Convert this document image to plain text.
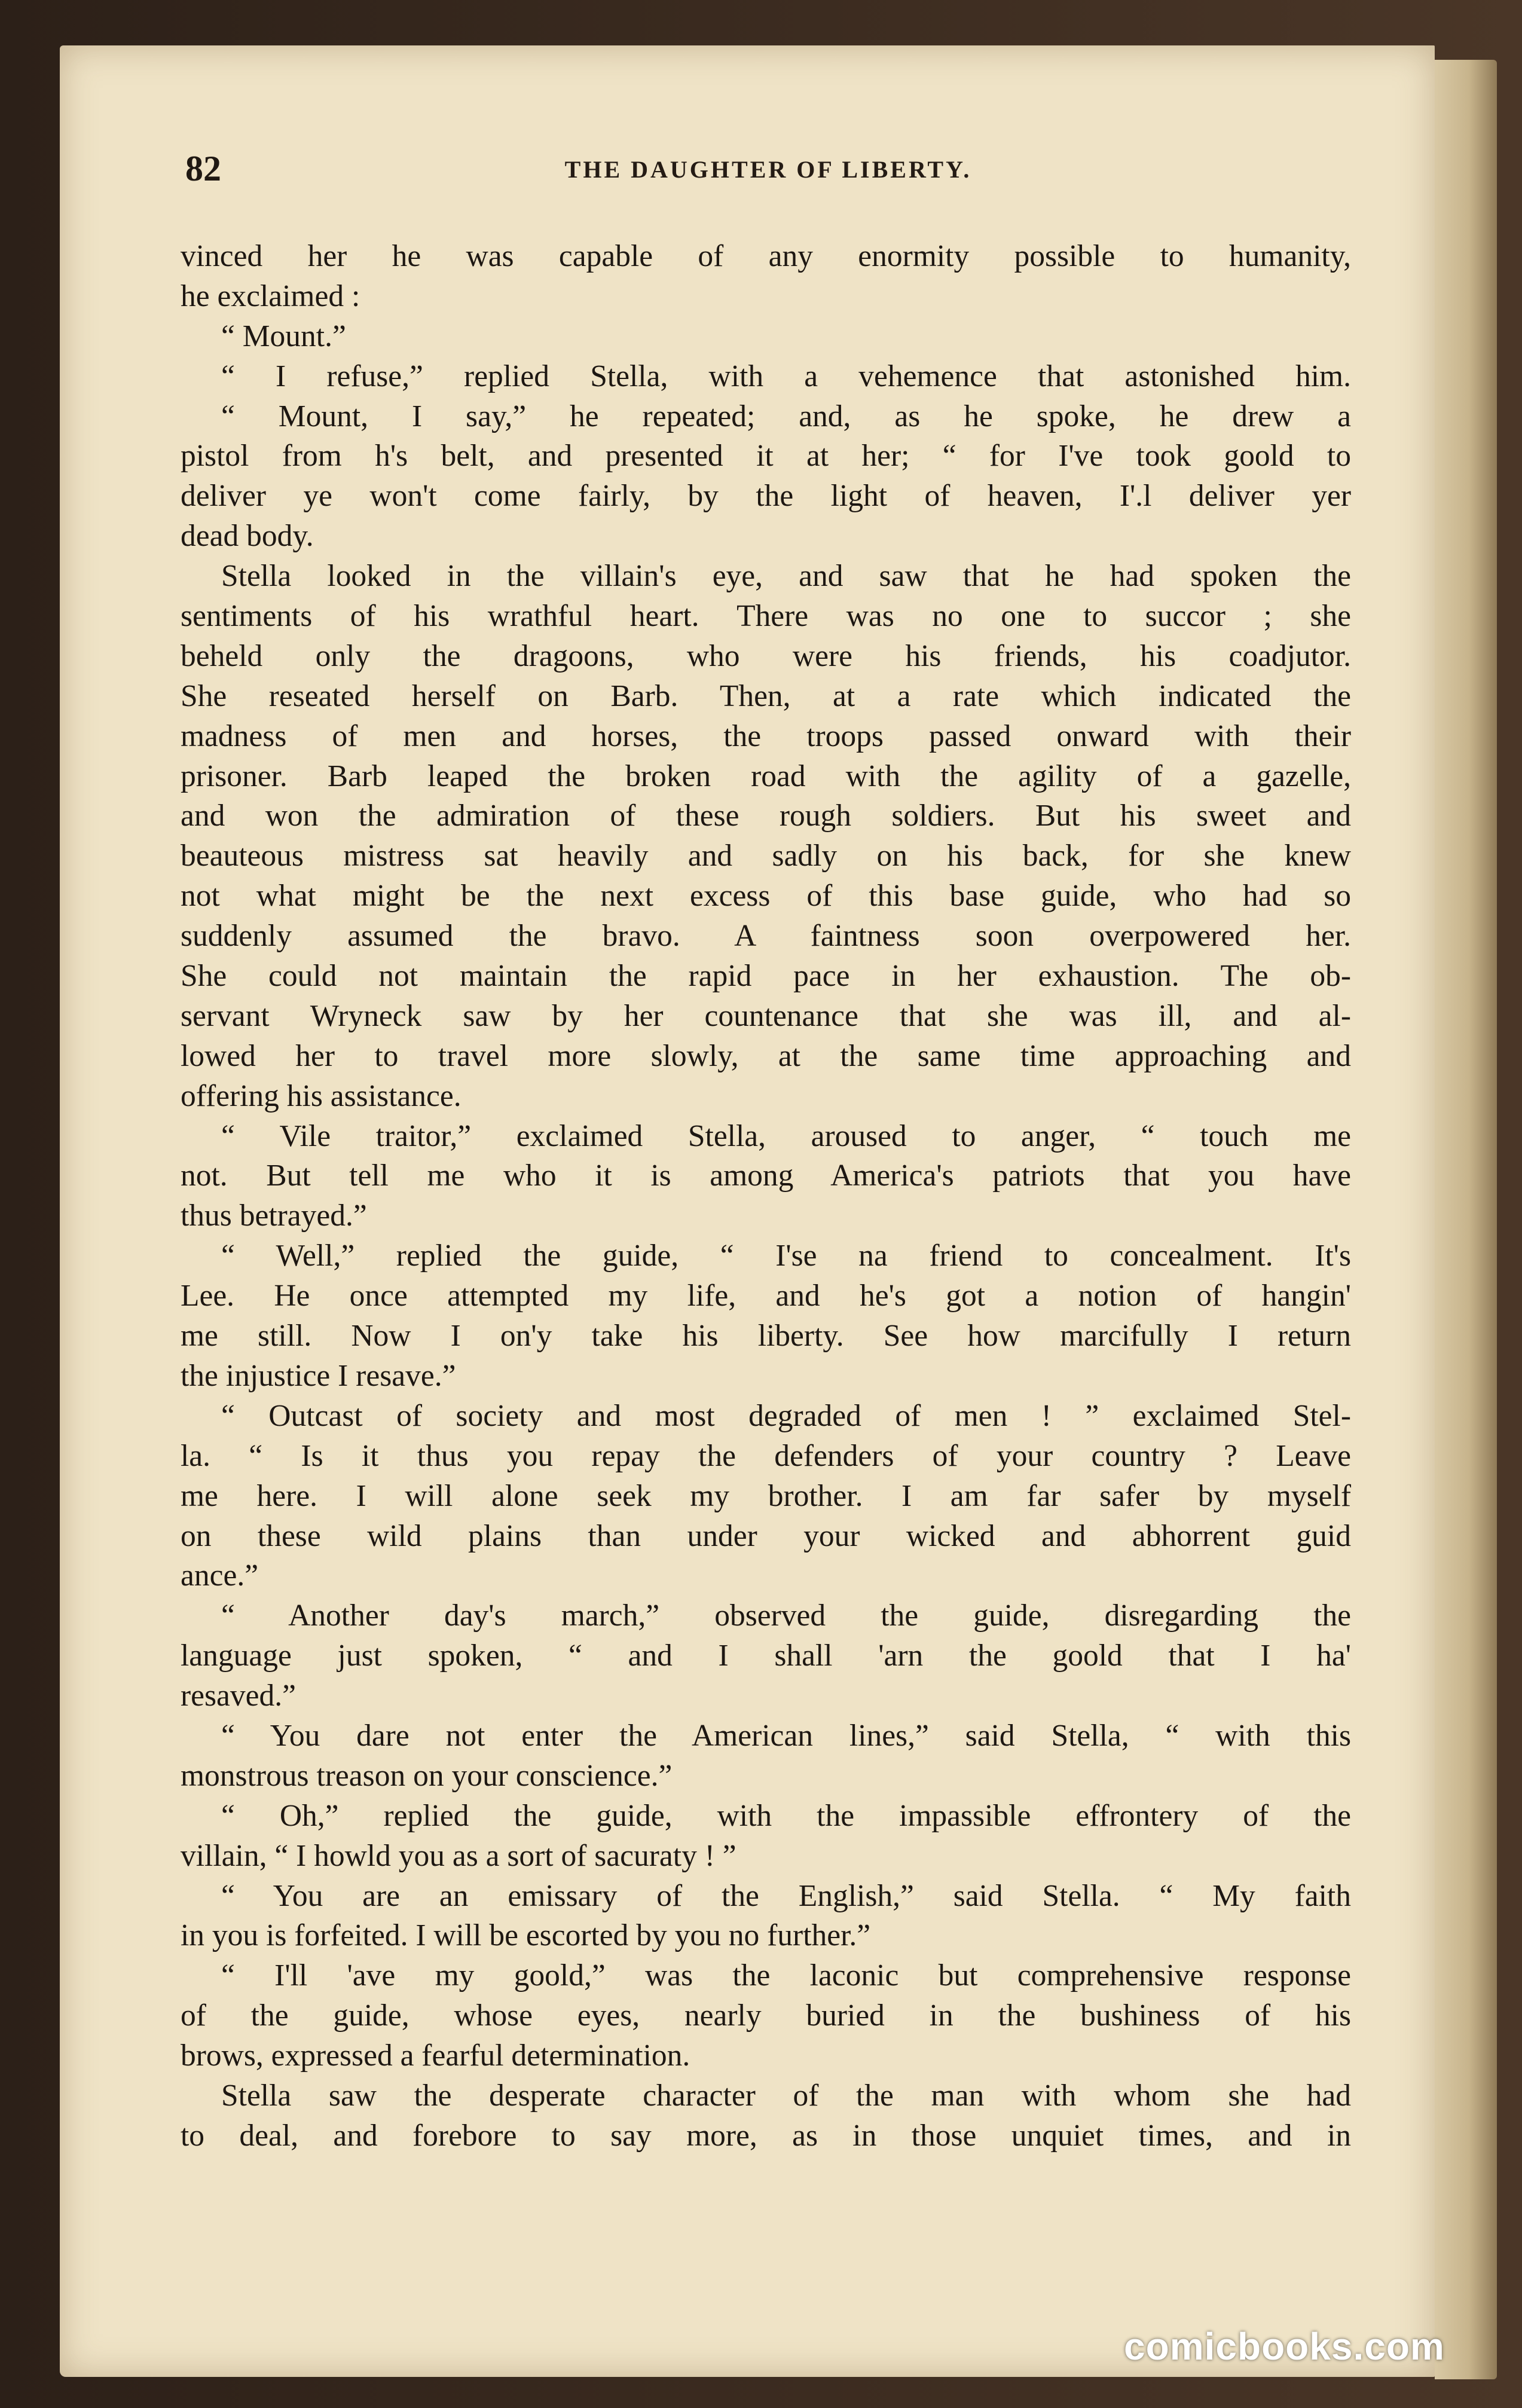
82	THE DAUGHTER OF LIBERTY.
vinced her he was capable of any enormity possible to humanity,
he exclaimed :
“ Mount.”
“ I refuse,” replied Stella, with a vehemence that astonished him.
“ Mount, I say,” he repeated; and, as he spoke, he drew a
pistol from h's belt, and presented it at her; “ for I've took goold to
deliver ye won't come fairly, by the light of heaven, I'.l deliver yer
dead body.
Stella looked in the villain's eye, and saw that he had spoken the
sentiments of his wrathful heart. There was no one to succor ; she
beheld only the dragoons, who were his friends, his coadjutor.
She reseated herself on Barb. Then, at a rate which indicated the
madness of men and horses, the troops passed onward with their
prisoner. Barb leaped the broken road with the agility of a gazelle,
and won the admiration of these rough soldiers. But his sweet and
beauteous mistress sat heavily and sadly on his back, for she knew
not what might be the next excess of this base guide, who had so
suddenly assumed the bravo. A faintness soon overpowered her.
She could not maintain the rapid pace in her exhaustion. The ob-
servant Wryneck saw by her countenance that she was ill, and al-
lowed her to travel more slowly, at the same time approaching and
offering his assistance.
“ Vile traitor,” exclaimed Stella, aroused to anger, “ touch me
not. But tell me who it is among America's patriots that you have
thus betrayed.”
“ Well,” replied the guide, “ I'se na friend to concealment. It's
Lee. He once attempted my life, and he's got a notion of hangin'
me still. Now I on'y take his liberty. See how marcifully I return
the injustice I resave.”
“ Outcast of society and most degraded of men ! ” exclaimed Stel-
la. “ Is it thus you repay the defenders of your country ? Leave
me here. I will alone seek my brother. I am far safer by myself
on these wild plains than under your wicked and abhorrent guid
ance.”
“ Another day's march,” observed the guide, disregarding the
language just spoken, “ and I shall 'arn the goold that I ha'
resaved.”
“ You dare not enter the American lines,” said Stella, “ with this
monstrous treason on your conscience.”
“ Oh,” replied the guide, with the impassible effrontery of the
villain, “ I howld you as a sort of sacuraty ! ”
“ You are an emissary of the English,” said Stella. “ My faith
in you is forfeited. I will be escorted by you no further.”
“ I'll 'ave my goold,” was the laconic but comprehensive response
of the guide, whose eyes, nearly buried in the bushiness of his
brows, expressed a fearful determination.
Stella saw the desperate character of the man with whom she had
to deal, and forebore to say more, as in those unquiet times, and in
comicbooks.com
